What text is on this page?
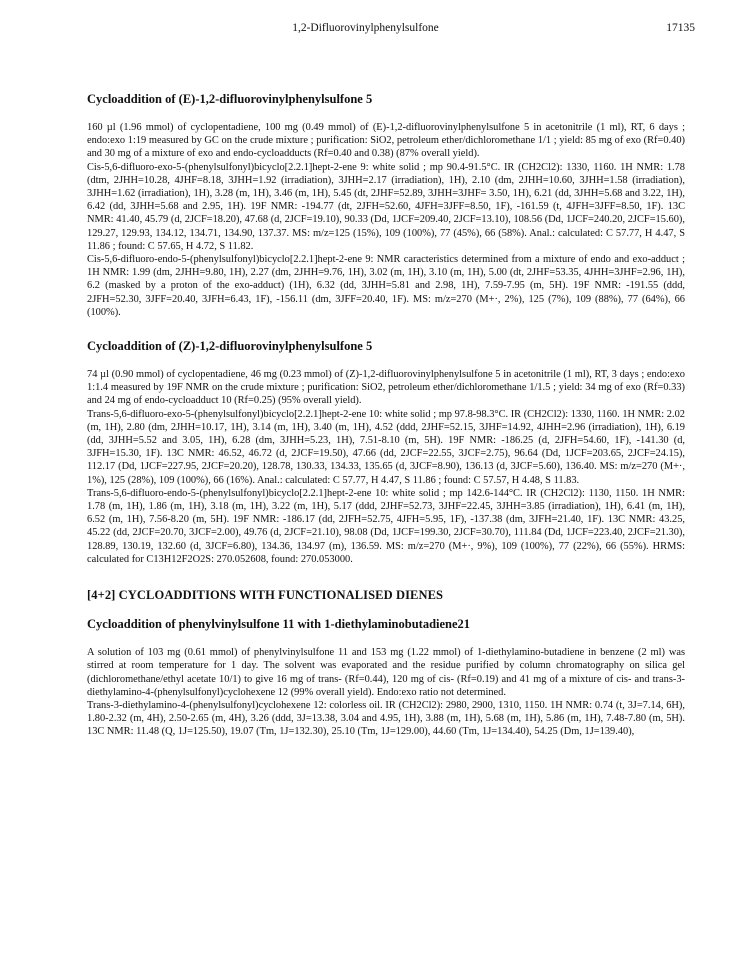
1,2-Difluorovinylphenylsulfone	17135
Cycloaddition of (E)-1,2-difluorovinylphenylsulfone 5

160 µl (1.96 mmol) of cyclopentadiene, 100 mg (0.49 mmol) of (E)-1,2-difluorovinylphenylsulfone 5 in acetonitrile (1 ml), RT, 6 days ; endo:exo 1:19 measured by GC on the crude mixture ; purification: SiO2, petroleum ether/dichloromethane 1/1 ; yield: 85 mg of exo (Rf=0.40) and 30 mg of a mixture of exo and endo-cycloadducts (Rf=0.40 and 0.38) (87% overall yield).

Cis-5,6-difluoro-exo-5-(phenylsulfonyl)bicyclo[2.2.1]hept-2-ene 9: white solid ; mp 90.4-91.5°C. IR (CH2Cl2): 1330, 1160. 1H NMR: 1.78 (dtm, 2JHH=10.28, 4JHF=8.18, 3JHH=1.92 (irradiation), 3JHH=2.17 (irradiation), 1H), 2.10 (dm, 2JHH=10.60, 3JHH=1.58 (irradiation), 3JHH=1.62 (irradiation), 1H), 3.28 (m, 1H), 3.46 (m, 1H), 5.45 (dt, 2JHF=52.89, 3JHH=3JHF= 3.50, 1H), 6.21 (dd, 3JHH=5.68 and 3.22, 1H), 6.42 (dd, 3JHH=5.68 and 2.95, 1H). 19F NMR: -194.77 (dt, 2JFH=52.60, 4JFH=3JFF=8.50, 1F), -161.59 (t, 4JFH=3JFF=8.50, 1F). 13C NMR: 41.40, 45.79 (d, 2JCF=18.20), 47.68 (d, 2JCF=19.10), 90.33 (Dd, 1JCF=209.40, 2JCF=13.10), 108.56 (Dd, 1JCF=240.20, 2JCF=15.60), 129.27, 129.93, 134.12, 134.71, 134.90, 137.37. MS: m/z=125 (15%), 109 (100%), 77 (45%), 66 (58%). Anal.: calculated: C 57.77, H 4.47, S 11.86 ; found: C 57.65, H 4.72, S 11.82.

Cis-5,6-difluoro-endo-5-(phenylsulfonyl)bicyclo[2.2.1]hept-2-ene 9: NMR caracteristics determined from a mixture of endo and exo-adduct ; 1H NMR: 1.99 (dm, 2JHH=9.80, 1H), 2.27 (dm, 2JHH=9.76, 1H), 3.02 (m, 1H), 3.10 (m, 1H), 5.00 (dt, 2JHF=53.35, 4JHH=3JHF=2.96, 1H), 6.2 (masked by a proton of the exo-adduct) (1H), 6.32 (dd, 3JHH=5.81 and 2.98, 1H), 7.59-7.95 (m, 5H). 19F NMR: -191.55 (ddd, 2JFH=52.30, 3JFF=20.40, 3JFH=6.43, 1F), -156.11 (dm, 3JFF=20.40, 1F). MS: m/z=270 (M+·, 2%), 125 (7%), 109 (88%), 77 (64%), 66 (100%).

Cycloaddition of (Z)-1,2-difluorovinylphenylsulfone 5

74 µl (0.90 mmol) of cyclopentadiene, 46 mg (0.23 mmol) of (Z)-1,2-difluorovinylphenylsulfone 5 in acetonitrile (1 ml), RT, 3 days ; endo:exo 1:1.4 measured by 19F NMR on the crude mixture ; purification: SiO2, petroleum ether/dichloromethane 1/1.5 ; yield: 34 mg of exo (Rf=0.33) and 24 mg of endo-cycloadduct 10 (Rf=0.25) (95% overall yield).

Trans-5,6-difluoro-exo-5-(phenylsulfonyl)bicyclo[2.2.1]hept-2-ene 10: white solid ; mp 97.8-98.3°C. IR (CH2Cl2): 1330, 1160. 1H NMR: 2.02 (m, 1H), 2.80 (dm, 2JHH=10.17, 1H), 3.14 (m, 1H), 3.40 (m, 1H), 4.52 (ddd, 2JHF=52.15, 3JHF=14.92, 4JHH=2.96 (irradiation), 1H), 6.19 (dd, 3JHH=5.52 and 3.05, 1H), 6.28 (dm, 3JHH=5.23, 1H), 7.51-8.10 (m, 5H). 19F NMR: -186.25 (d, 2JFH=54.60, 1F), -141.30 (d, 3JFH=15.30, 1F). 13C NMR: 46.52, 46.72 (d, 2JCF=19.50), 47.66 (dd, 2JCF=22.55, 3JCF=2.75), 96.64 (Dd, 1JCF=203.65, 2JCF=24.15), 112.17 (Dd, 1JCF=227.95, 2JCF=20.20), 128.78, 130.33, 134.33, 135.65 (d, 3JCF=8.90), 136.13 (d, 3JCF=5.60), 136.40. MS: m/z=270 (M+·, 1%), 125 (28%), 109 (100%), 66 (16%). Anal.: calculated: C 57.77, H 4.47, S 11.86 ; found: C 57.57, H 4.48, S 11.83.

Trans-5,6-difluoro-endo-5-(phenylsulfonyl)bicyclo[2.2.1]hept-2-ene 10: white solid ; mp 142.6-144°C. IR (CH2Cl2): 1130, 1150. 1H NMR: 1.78 (m, 1H), 1.86 (m, 1H), 3.18 (m, 1H), 3.22 (m, 1H), 5.17 (ddd, 2JHF=52.73, 3JHF=22.45, 3JHH=3.85 (irradiation), 1H), 6.41 (m, 1H), 6.52 (m, 1H), 7.56-8.20 (m, 5H). 19F NMR: -186.17 (dd, 2JFH=52.75, 4JFH=5.95, 1F), -137.38 (dm, 3JFH=21.40, 1F). 13C NMR: 43.25, 45.22 (dd, 2JCF=20.70, 3JCF=2.00), 49.76 (d, 2JCF=21.10), 98.08 (Dd, 1JCF=199.30, 2JCF=30.70), 111.84 (Dd, 1JCF=223.40, 2JCF=21.30), 128.89, 130.19, 132.60 (d, 3JCF=6.80), 134.36, 134.97 (m), 136.59. MS: m/z=270 (M+·, 9%), 109 (100%), 77 (22%), 66 (55%). HRMS: calculated for C13H12F2O2S: 270.052608, found: 270.053000.

[4+2] CYCLOADDITIONS WITH FUNCTIONALISED DIENES
Cycloaddition of phenylvinylsulfone 11 with 1-diethylaminobutadiene21

A solution of 103 mg (0.61 mmol) of phenylvinylsulfone 11 and 153 mg (1.22 mmol) of 1-diethylamino-butadiene in benzene (2 ml) was stirred at room temperature for 1 day. The solvent was evaporated and the residue purified by column chromatography on silica gel (dichloromethane/ethyl acetate 10/1) to give 16 mg of trans- (Rf=0.44), 120 mg of cis- (Rf=0.19) and 41 mg of a mixture of cis- and trans-3-diethylamino-4-(phenylsulfonyl)cyclohexene 12 (99% overall yield). Endo:exo ratio not determined.

Trans-3-diethylamino-4-(phenylsulfonyl)cyclohexene 12: colorless oil. IR (CH2Cl2): 2980, 2900, 1310, 1150. 1H NMR: 0.74 (t, 3J=7.14, 6H), 1.80-2.32 (m, 4H), 2.50-2.65 (m, 4H), 3.26 (ddd, 3J=13.38, 3.04 and 4.95, 1H), 3.88 (m, 1H), 5.68 (m, 1H), 5.86 (m, 1H), 7.48-7.80 (m, 5H). 13C NMR: 11.48 (Q, 1J=125.50), 19.07 (Tm, 1J=132.30), 25.10 (Tm, 1J=129.00), 44.60 (Tm, 1J=134.40), 54.25 (Dm, 1J=139.40),
